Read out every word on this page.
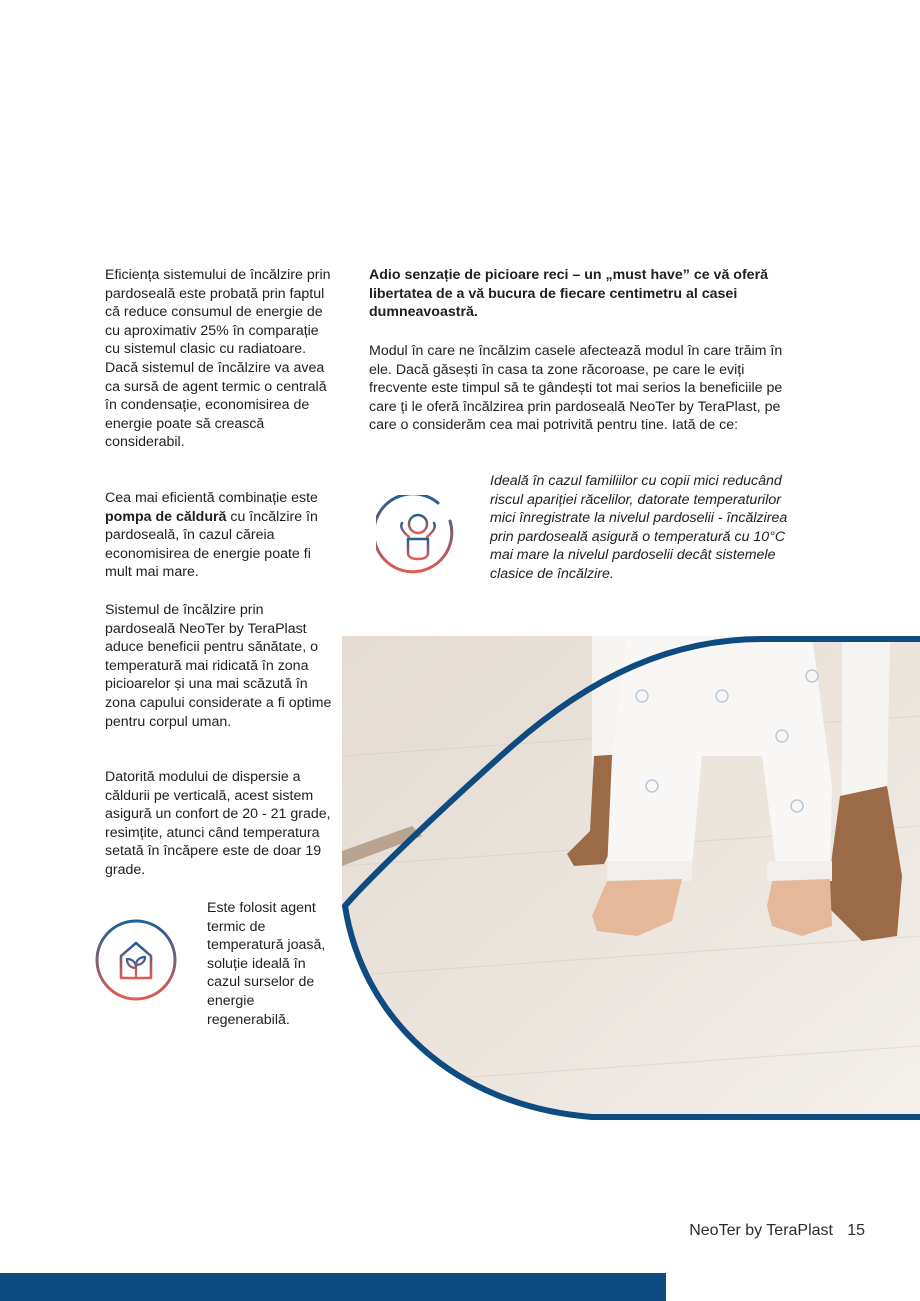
Eficiența sistemului de încălzire prin pardoseală este probată prin faptul că reduce consumul de energie de cu aproximativ 25% în comparație cu sistemul clasic cu radiatoare. Dacă sistemul de încălzire va avea ca sursă de agent termic o centrală în condensație, economisirea de energie poate să crească considerabil.

Cea mai eficientă combinație este pompa de căldură cu încălzire în pardoseală, în cazul căreia economisirea de energie poate fi mult mai mare.

Sistemul de încălzire prin pardoseală NeoTer by TeraPlast aduce beneficii pentru sănătate, o temperatură mai ridicată în zona picioarelor și una mai scăzută în zona capului considerate a fi optime pentru corpul uman.

Datorită modului de dispersie a căldurii pe verticală, acest sistem asigură un confort de 20 - 21 grade, resimțite, atunci când temperatura setată în încăpere este de doar 19 grade.

Este folosit agent termic de temperatură joasă, soluție ideală în cazul surselor de energie regenerabilă.

Adio senzație de picioare reci – un „must have” ce vă oferă libertatea de a vă bucura de fiecare centimetru al casei dumneavoastră.

Modul în care ne încălzim casele afectează modul în care trăim în ele. Dacă găsești în casa ta zone răcoroase, pe care le eviți frecvente este timpul să te gândești tot mai serios la beneficiile pe care ți le oferă încălzirea prin pardoseală NeoTer by TeraPlast, pe care o considerăm cea mai potrivită pentru tine. Iată de ce:

Ideală în cazul familiilor cu copii mici reducând riscul apariției răcelilor, datorate temperaturilor mici înregistrate la nivelul pardoselii - încălzirea prin pardoseală asigură o temperatură cu 10°C mai mare la nivelul pardoselii decât sistemele clasice de încălzire.

NeoTer by TeraPlast 15
